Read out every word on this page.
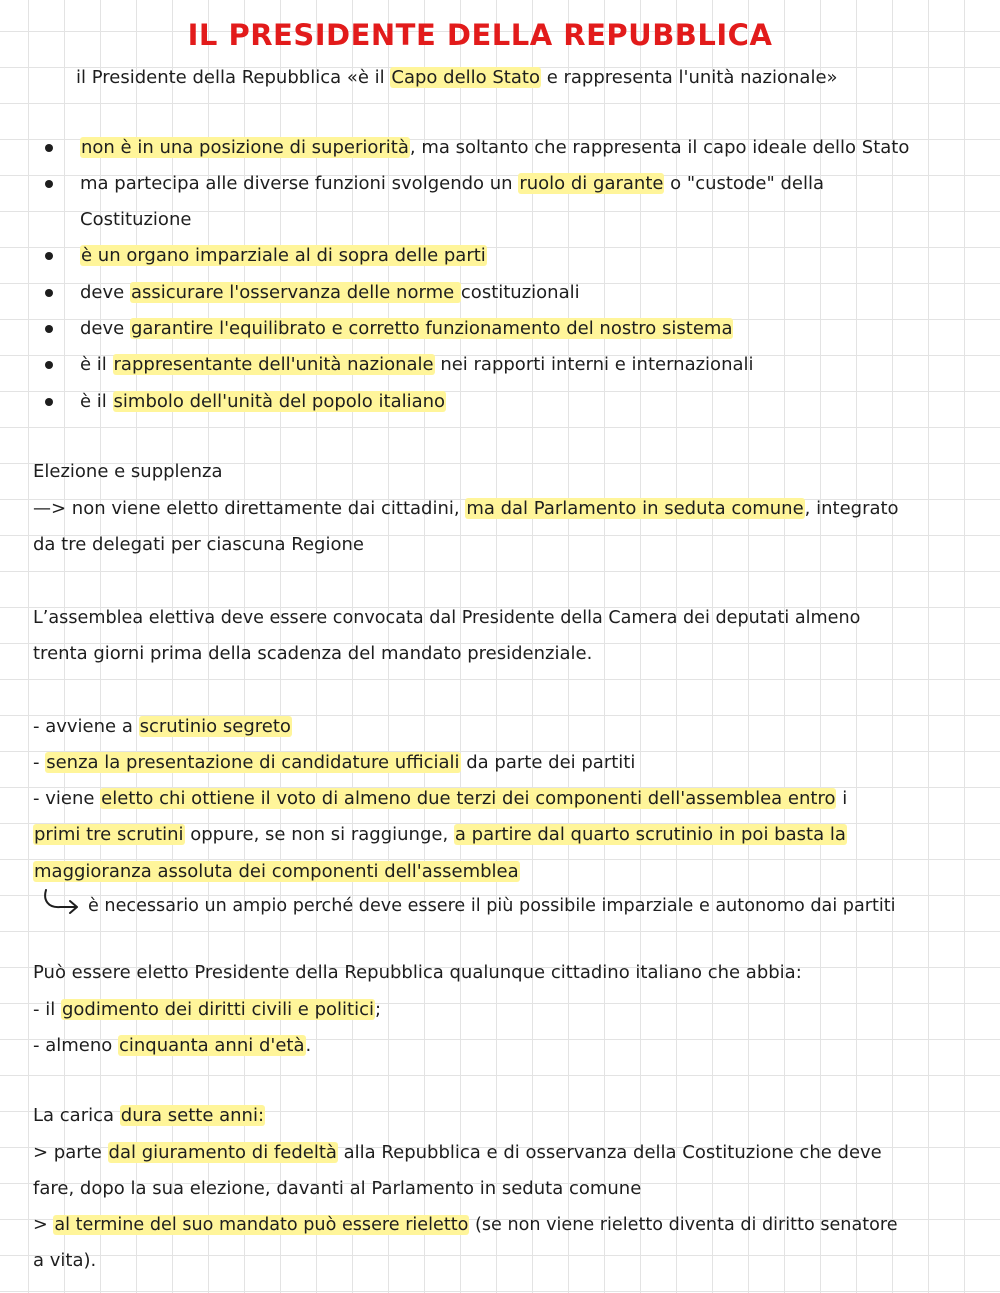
IL PRESIDENTE DELLA REPUBBLICA
il Presidente della Repubblica «è il Capo dello Stato e rappresenta l'unità nazionale»
non è in una posizione di superiorità, ma soltanto che rappresenta il capo ideale dello Stato
ma partecipa alle diverse funzioni svolgendo un ruolo di garante o "custode" della
Costituzione
è un organo imparziale al di sopra delle parti
deve assicurare l'osservanza delle norme costituzionali
deve garantire l'equilibrato e corretto funzionamento del nostro sistema
è il rappresentante dell'unità nazionale nei rapporti interni e internazionali
è il simbolo dell'unità del popolo italiano
Elezione e supplenza
—> non viene eletto direttamente dai cittadini, ma dal Parlamento in seduta comune, integrato
da tre delegati per ciascuna Regione
L’assemblea elettiva deve essere convocata dal Presidente della Camera dei deputati almeno
trenta giorni prima della scadenza del mandato presidenziale.
- avviene a scrutinio segreto
- senza la presentazione di candidature ufficiali da parte dei partiti
- viene eletto chi ottiene il voto di almeno due terzi dei componenti dell'assemblea entro i
primi tre scrutini oppure, se non si raggiunge, a partire dal quarto scrutinio in poi basta la
maggioranza assoluta dei componenti dell'assemblea
è necessario un ampio perché deve essere il più possibile imparziale e autonomo dai partiti
Può essere eletto Presidente della Repubblica qualunque cittadino italiano che abbia:
- il godimento dei diritti civili e politici;
- almeno cinquanta anni d'età.
La carica dura sette anni:
> parte dal giuramento di fedeltà alla Repubblica e di osservanza della Costituzione che deve
fare, dopo la sua elezione, davanti al Parlamento in seduta comune
> al termine del suo mandato può essere rieletto (se non viene rieletto diventa di diritto senatore
a vita).
